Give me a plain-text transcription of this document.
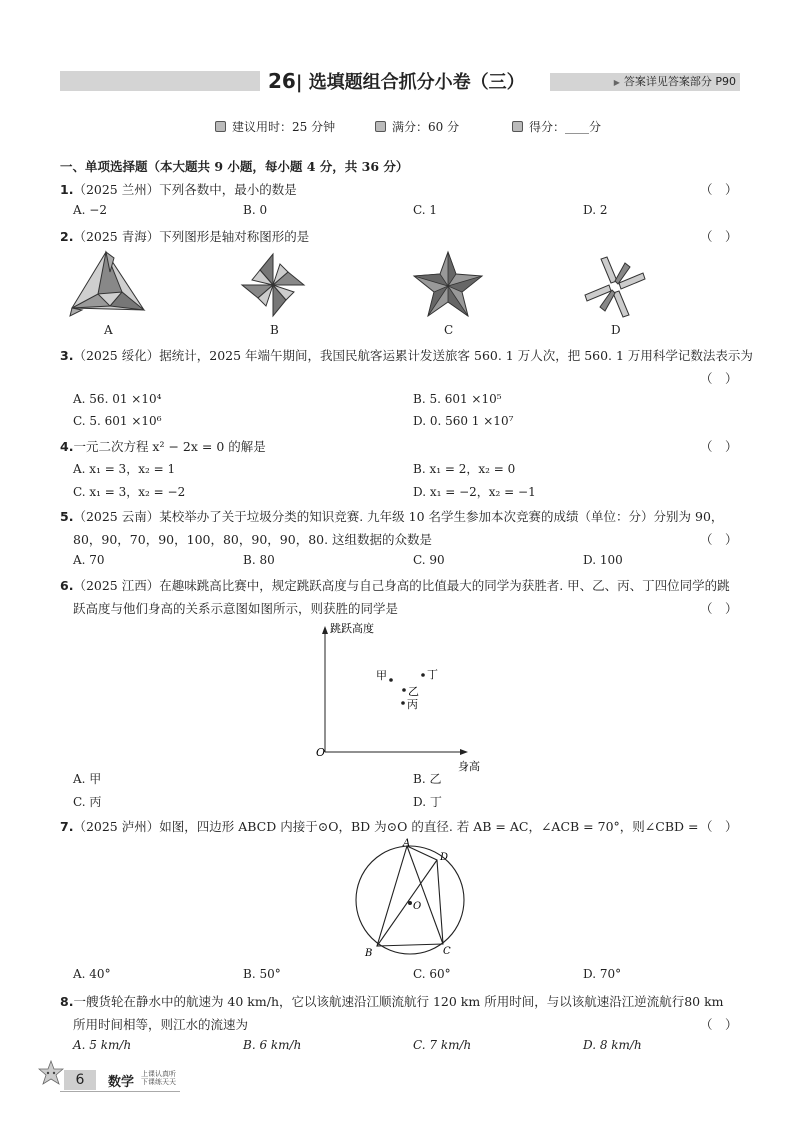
26| 选填题组合抓分小卷（三）	▶ 答案详见答案部分 P90
建议用时：25 分钟	满分：60 分	得分：____分
一、单项选择题（本大题共 9 小题，每小题 4 分，共 36 分）
1.（2025 兰州）下列各数中，最小的数是	（　）
A. −2	B. 0	C. 1	D. 2
2.（2025 青海）下列图形是轴对称图形的是	（　）
A	B	C	D
3.（2025 绥化）据统计，2025 年端午期间，我国民航客运累计发送旅客 560. 1 万人次，把 560. 1 万用科学记数法表示为
（　）
A. 56. 01 ×10⁴	B. 5. 601 ×10⁵
C. 5. 601 ×10⁶	D. 0. 560 1 ×10⁷
4.一元二次方程 x² − 2x = 0 的解是	（　）
A. x₁ = 3，x₂ = 1	B. x₁ = 2，x₂ = 0
C. x₁ = 3，x₂ = −2	D. x₁ = −2，x₂ = −1
5.（2025 云南）某校举办了关于垃圾分类的知识竞赛. 九年级 10 名学生参加本次竞赛的成绩（单位：分）分别为 90，
80，90，70，90，100，80，90，90，80. 这组数据的众数是	（　）
A. 70	B. 80	C. 90	D. 100
6.（2025 江西）在趣味跳高比赛中，规定跳跃高度与自己身高的比值最大的同学为获胜者. 甲、乙、丙、丁四位同学的跳
跃高度与他们身高的关系示意图如图所示，则获胜的同学是	（　）
跳跃高度
身高
O
甲	丁
乙
丙
A. 甲	B. 乙
C. 丙	D. 丁
7.（2025 泸州）如图，四边形 ABCD 内接于⊙O，BD 为⊙O 的直径. 若 AB = AC，∠ACB = 70°，则∠CBD = （　）
A
B	C
D
O
A. 40°	B. 50°	C. 60°	D. 70°
8.一艘货轮在静水中的航速为 40 km/h，它以该航速沿江顺流航行 120 km 所用时间，与以该航速沿江逆流航行80 km
所用时间相等，则江水的流速为	（　）
A. 5 km/h	B. 6 km/h	C. 7 km/h	D. 8 km/h
6	数学
上课认真听
下课练天天
